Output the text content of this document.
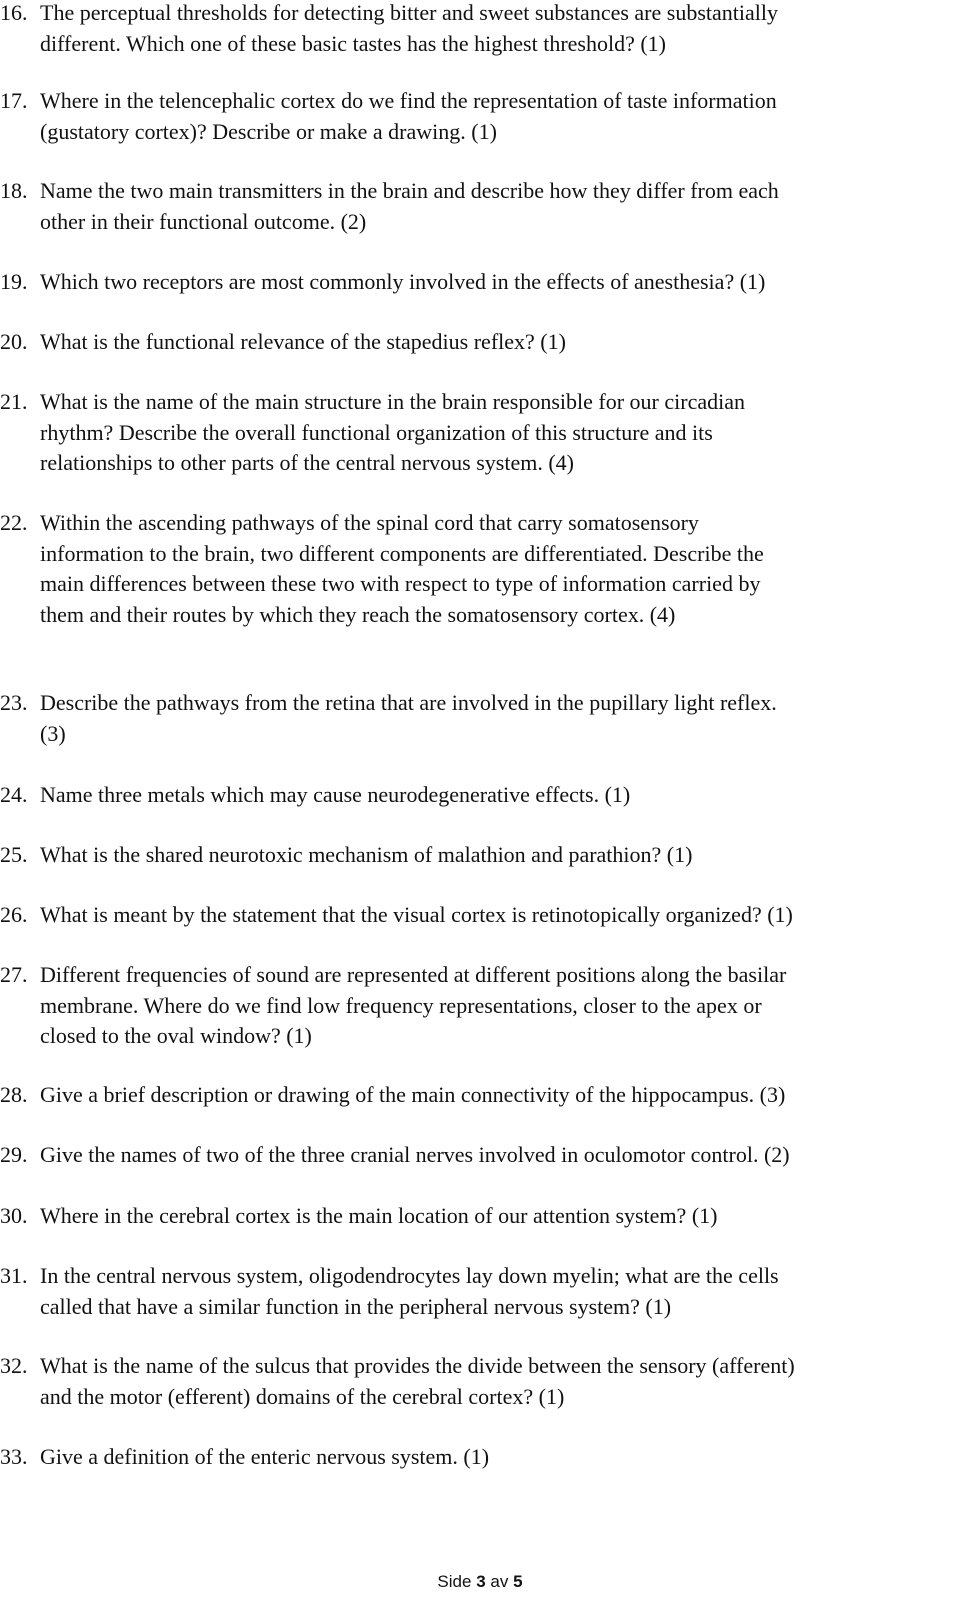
16. The perceptual thresholds for detecting bitter and sweet substances are substantially
different. Which one of these basic tastes has the highest threshold? (1)
17. Where in the telencephalic cortex do we find the representation of taste information
(gustatory cortex)? Describe or make a drawing. (1)
18. Name the two main transmitters in the brain and describe how they differ from each
other in their functional outcome. (2)
19. Which two receptors are most commonly involved in the effects of anesthesia? (1)
20. What is the functional relevance of the stapedius reflex? (1)
21. What is the name of the main structure in the brain responsible for our circadian
rhythm? Describe the overall functional organization of this structure and its
relationships to other parts of the central nervous system. (4)
22. Within the ascending pathways of the spinal cord that carry somatosensory
information to the brain, two different components are differentiated. Describe the
main differences between these two with respect to type of information carried by
them and their routes by which they reach the somatosensory cortex. (4)
23. Describe the pathways from the retina that are involved in the pupillary light reflex.
(3)
24. Name three metals which may cause neurodegenerative effects. (1)
25. What is the shared neurotoxic mechanism of malathion and parathion? (1)
26. What is meant by the statement that the visual cortex is retinotopically organized? (1)
27. Different frequencies of sound are represented at different positions along the basilar
membrane. Where do we find low frequency representations, closer to the apex or
closed to the oval window? (1)
28. Give a brief description or drawing of the main connectivity of the hippocampus. (3)
29. Give the names of two of the three cranial nerves involved in oculomotor control. (2)
30. Where in the cerebral cortex is the main location of our attention system? (1)
31. In the central nervous system, oligodendrocytes lay down myelin; what are the cells
called that have a similar function in the peripheral nervous system? (1)
32. What is the name of the sulcus that provides the divide between the sensory (afferent)
and the motor (efferent) domains of the cerebral cortex? (1)
33. Give a definition of the enteric nervous system. (1)
Side 3 av 5
